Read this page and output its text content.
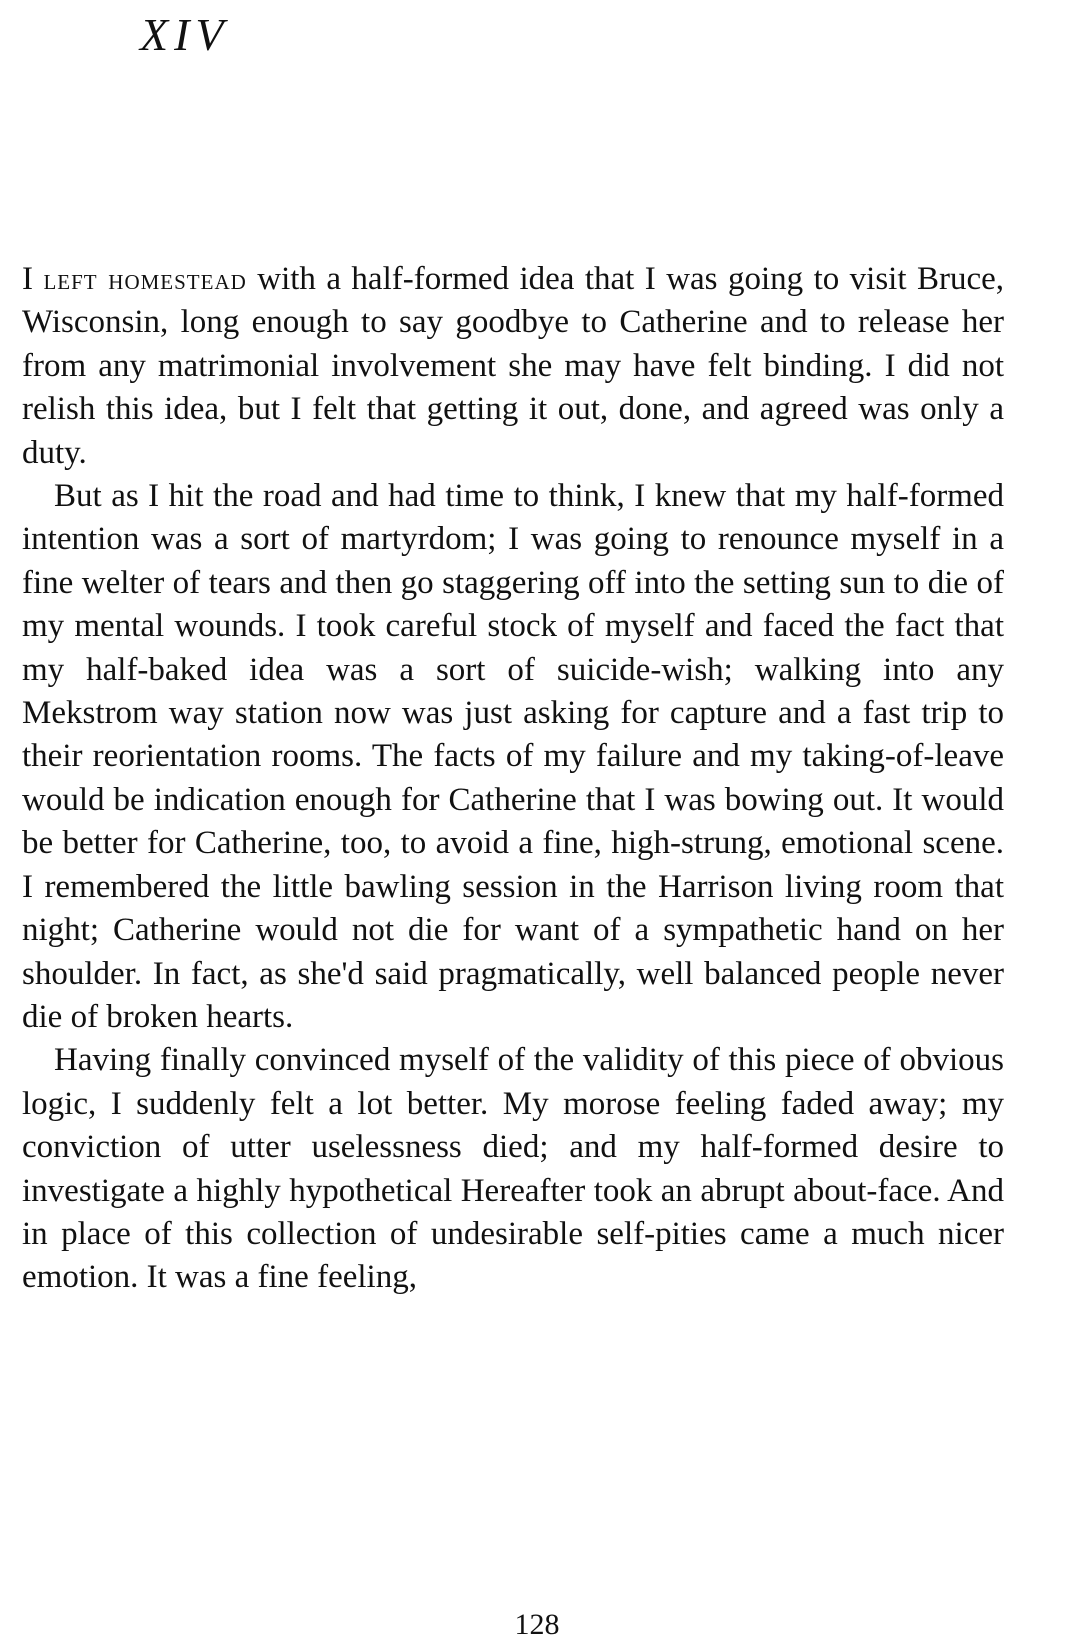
XIV

I left homestead with a half-formed idea that I was going to visit Bruce, Wisconsin, long enough to say goodbye to Catherine and to release her from any matrimonial involvement she may have felt binding. I did not relish this idea, but I felt that getting it out, done, and agreed was only a duty.

But as I hit the road and had time to think, I knew that my half-formed intention was a sort of martyrdom; I was going to renounce myself in a fine welter of tears and then go staggering off into the setting sun to die of my mental wounds. I took careful stock of myself and faced the fact that my half-baked idea was a sort of suicide-wish; walking into any Mekstrom way station now was just asking for capture and a fast trip to their reorientation rooms. The facts of my failure and my taking-of-leave would be indication enough for Catherine that I was bowing out. It would be better for Catherine, too, to avoid a fine, high-strung, emotional scene. I remembered the little bawling session in the Harrison living room that night; Catherine would not die for want of a sympathetic hand on her shoulder. In fact, as she'd said pragmatically, well balanced people never die of broken hearts.

Having finally convinced myself of the validity of this piece of obvious logic, I suddenly felt a lot better. My morose feeling faded away; my conviction of utter uselessness died; and my half-formed desire to investigate a highly hypothetical Hereafter took an abrupt about-face. And in place of this collection of undesirable self-pities came a much nicer emotion. It was a fine feeling,

128
